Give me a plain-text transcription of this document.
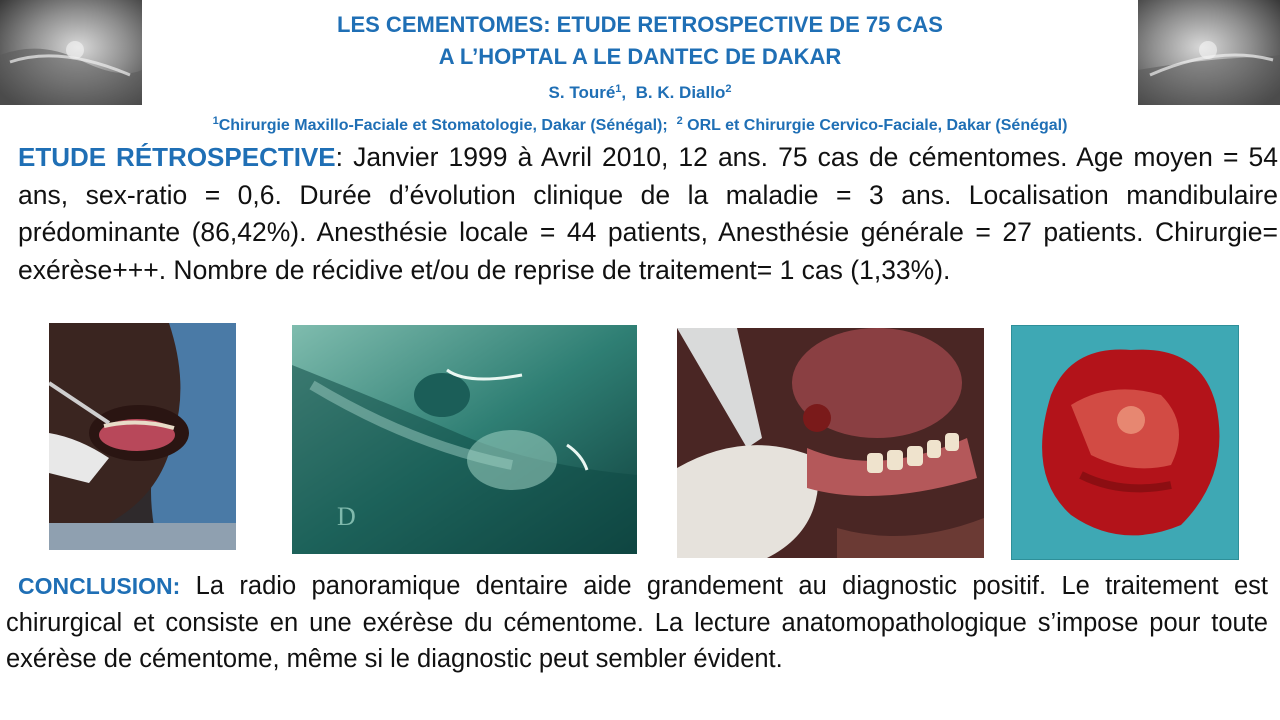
LES CEMENTOMES: ETUDE RETROSPECTIVE DE 75 CAS
A L’HOPTAL A LE DANTEC DE DAKAR
S. Touré$^1$, B. K. Diallo$^2$
$^1$Chirurgie Maxillo-Faciale et Stomatologie, Dakar (Sénégal); $^2$ ORL et Chirurgie Cervico-Faciale, Dakar (Sénégal)
ETUDE RÉTROSPECTIVE: Janvier 1999 à Avril 2010, 12 ans. 75 cas de cémentomes. Age moyen = 54 ans, sex-ratio = 0,6. Durée d’évolution clinique de la maladie = 3 ans. Localisation mandibulaire prédominante (86,42%). Anesthésie locale = 44 patients, Anesthésie générale = 27 patients. Chirurgie= exérèse+++. Nombre de récidive et/ou de reprise de traitement= 1 cas (1,33%).
D
CONCLUSION: La radio panoramique dentaire aide grandement au diagnostic positif. Le traitement est chirurgical et consiste en une exérèse du cémentome. La lecture anatomopathologique s’impose pour toute exérèse de cémentome, même si le diagnostic peut sembler évident.
